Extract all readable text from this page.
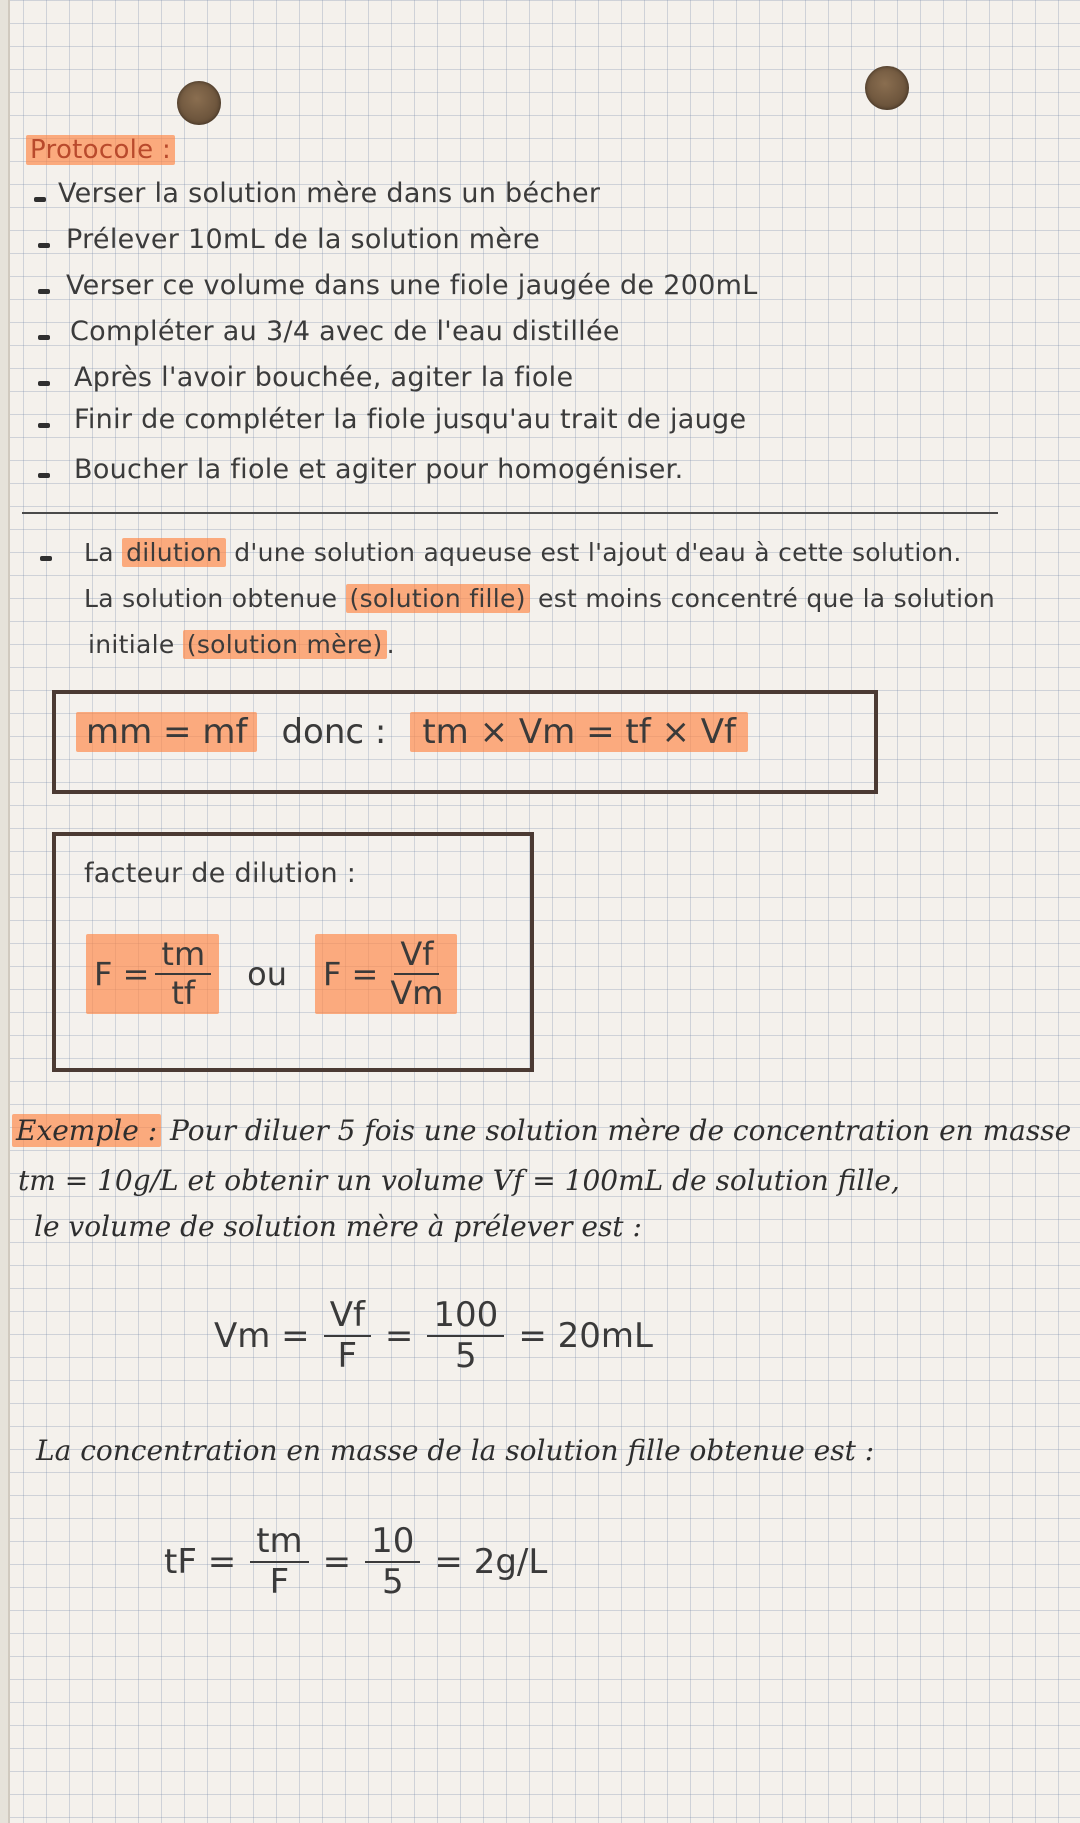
Protocole :
Verser la solution mère dans un bécher
Prélever 10mL de la solution mère
Verser ce volume dans une fiole jaugée de 200mL
Compléter au 3/4 avec de l'eau distillée
Après l'avoir bouchée, agiter la fiole
Finir de compléter la fiole jusqu'au trait de jauge
Boucher la fiole et agiter pour homogéniser.
La dilution d'une solution aqueuse est l'ajout d'eau à cette solution.
La solution obtenue (solution fille) est moins concentré que la solution
initiale (solution mère) .
mm = mf donc :	tm × Vm = tf × Vf
facteur de dilution :
$F = \frac{tm}{tf}$ ou $F = \frac{Vf}{Vm}$
Exemple : Pour diluer 5 fois une solution mère de concentration en masse
tm = 10g/L et obtenir un volume Vf = 100mL de solution fille,
le volume de solution mère à prélever est :
$Vm = \frac{Vf}{F} = \frac{100}{5} = 20mL$
La concentration en masse de la solution fille obtenue est :
tF = $\frac{tm}{F} = \frac{10}{5} = 2g/L$
